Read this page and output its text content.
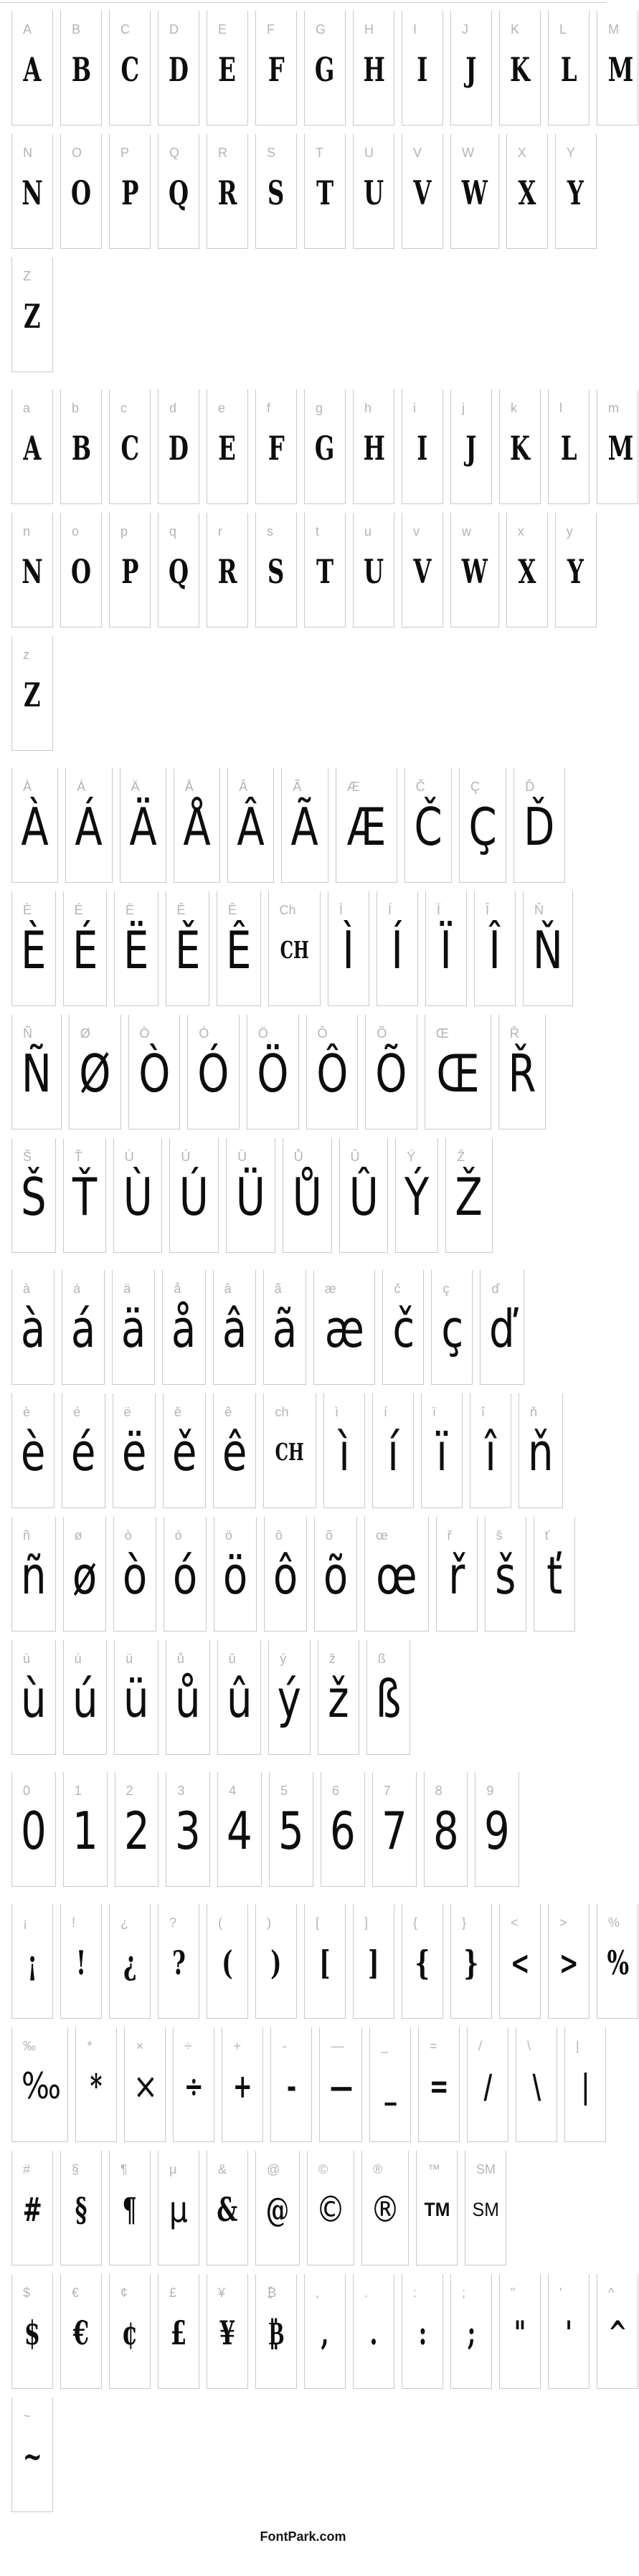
A
A
B
B
C
C
D
D
E
E
F
F
G
G
H
H
I
I
J
J
K
K
L
L
M
M
N
N
O
O
P
P
Q
Q
R
R
S
S
T
T
U
U
V
V
W
W
X
X
Y
Y
Z
Z
a
A
b
B
c
C
d
D
e
E
f
F
g
G
h
H
i
I
j
J
k
K
l
L
m
M
n
N
o
O
p
P
q
Q
r
R
s
S
t
T
u
U
v
V
w
W
x
X
y
Y
z
Z
À
À
Á
Á
Ä
Ä
Å
Å
Â
Â
Ã
Ã
Æ
Æ
Č
Č
Ç
Ç
Ď
Ď
È
È
É
É
Ë
Ë
Ě
Ě
Ê
Ê
Ch
CH
Ì
Ì
Í
Í
Ï
Ï
Î
Î
Ň
Ň
Ñ
Ñ
Ø
Ø
Ò
Ò
Ó
Ó
Ö
Ö
Ô
Ô
Õ
Õ
Œ
Œ
Ř
Ř
Š
Š
Ť
Ť
Ù
Ù
Ú
Ú
Ü
Ü
Ů
Ů
Û
Û
Ý
Ý
Ž
Ž
à
à
á
á
ä
ä
å
å
â
â
ã
ã
æ
æ
č
č
ç
ç
ď
ď
è
è
é
é
ë
ë
ě
ě
ê
ê
ch
CH
ì
ì
í
í
ï
ï
î
î
ň
ň
ñ
ñ
ø
ø
ò
ò
ó
ó
ö
ö
ô
ô
õ
õ
œ
œ
ř
ř
š
š
ť
ť
ù
ù
ú
ú
ü
ü
ů
ů
û
û
ý
ý
ž
ž
ß
ß
0
0
1
1
2
2
3
3
4
4
5
5
6
6
7
7
8
8
9
9
¡
¡
!
!
¿
¿
?
?
(
(
)
)
[
[
]
]
{
{
}
}
<
<
>
>
%
%
‰
‰
*
*
×
×
÷
÷
+
+
-
-
—
—
_
_
=
=
/
/
\
\
|
|
#
#
§
§
¶
¶
µ
µ
&
&
@
@
©
©
®
®
™
TM
SM
SM
$
$
€
€
¢
¢
£
£
¥
¥
₿
₿
,
,
.
.
:
:
;
;
"
"
'
'
^
^
~
~
FontPark.com
